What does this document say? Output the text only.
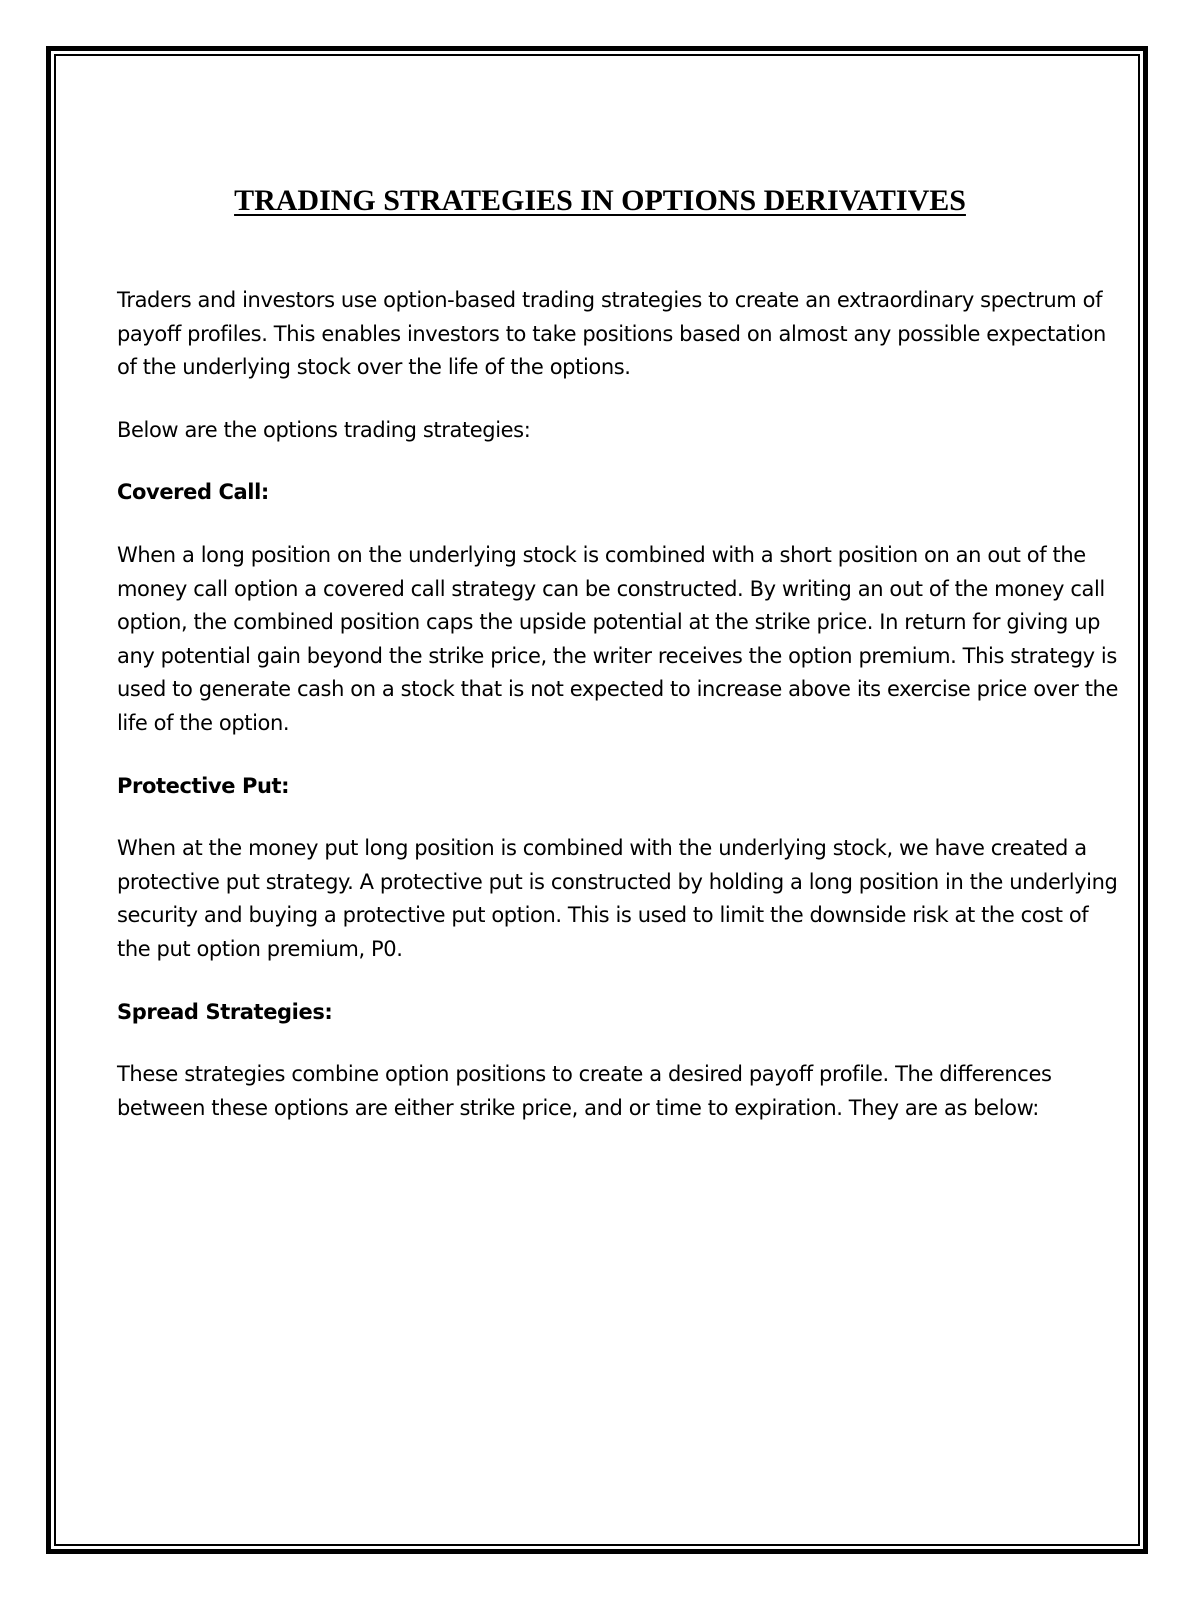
TRADING STRATEGIES IN OPTIONS DERIVATIVES

Traders and investors use option-based trading strategies to create an extraordinary spectrum of payoff profiles. This enables investors to take positions based on almost any possible expectation of the underlying stock over the life of the options.

Below are the options trading strategies:

Covered Call:

When a long position on the underlying stock is combined with a short position on an out of the money call option a covered call strategy can be constructed. By writing an out of the money call option, the combined position caps the upside potential at the strike price. In return for giving up any potential gain beyond the strike price, the writer receives the option premium. This strategy is used to generate cash on a stock that is not expected to increase above its exercise price over the life of the option.

Protective Put:

When at the money put long position is combined with the underlying stock, we have created a protective put strategy. A protective put is constructed by holding a long position in the underlying security and buying a protective put option. This is used to limit the downside risk at the cost of the put option premium, P0.

Spread Strategies:

These strategies combine option positions to create a desired payoff profile. The differences between these options are either strike price, and or time to expiration. They are as below:
